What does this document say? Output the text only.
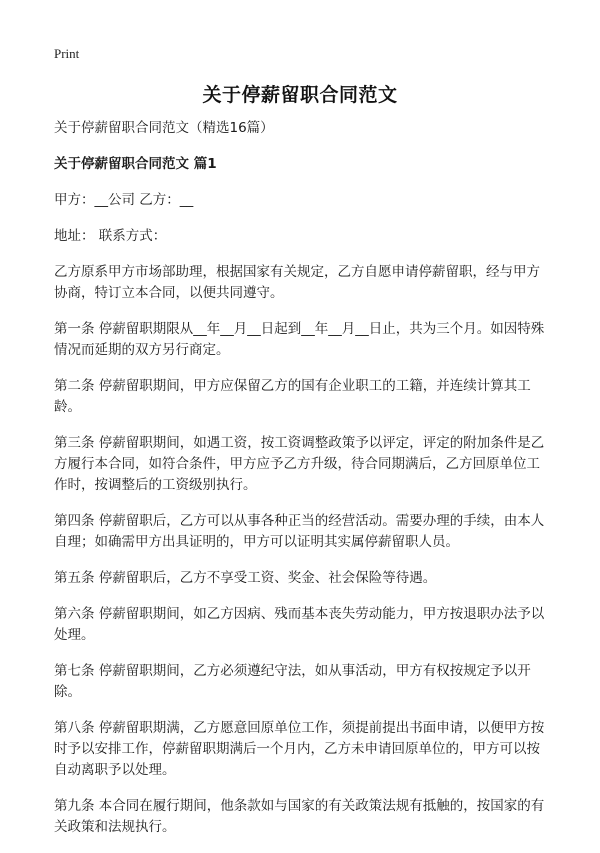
Print
关于停薪留职合同范文

关于停薪留职合同范文（精选16篇）

关于停薪留职合同范文 篇1

甲方：__公司 乙方：__

地址： 联系方式：

乙方原系甲方市场部助理，根据国家有关规定，乙方自愿申请停薪留职，经与甲方协商，特订立本合同，以便共同遵守。

第一条 停薪留职期限从__年__月__日起到__年__月__日止，共为三个月。如因特殊情况而延期的双方另行商定。

第二条 停薪留职期间，甲方应保留乙方的国有企业职工的工籍，并连续计算其工龄。

第三条 停薪留职期间，如遇工资，按工资调整政策予以评定，评定的附加条件是乙方履行本合同，如符合条件，甲方应予乙方升级，待合同期满后，乙方回原单位工作时，按调整后的工资级别执行。

第四条 停薪留职后，乙方可以从事各种正当的经营活动。需要办理的手续，由本人自理；如确需甲方出具证明的，甲方可以证明其实属停薪留职人员。

第五条 停薪留职后，乙方不享受工资、奖金、社会保险等待遇。

第六条 停薪留职期间，如乙方因病、残而基本丧失劳动能力，甲方按退职办法予以处理。

第七条 停薪留职期间，乙方必须遵纪守法，如从事活动，甲方有权按规定予以开除。

第八条 停薪留职期满，乙方愿意回原单位工作，须提前提出书面申请，以便甲方按时予以安排工作，停薪留职期满后一个月内，乙方未申请回原单位的，甲方可以按自动离职予以处理。

第九条 本合同在履行期间，他条款如与国家的有关政策法规有抵触的，按国家的有关政策和法规执行。
